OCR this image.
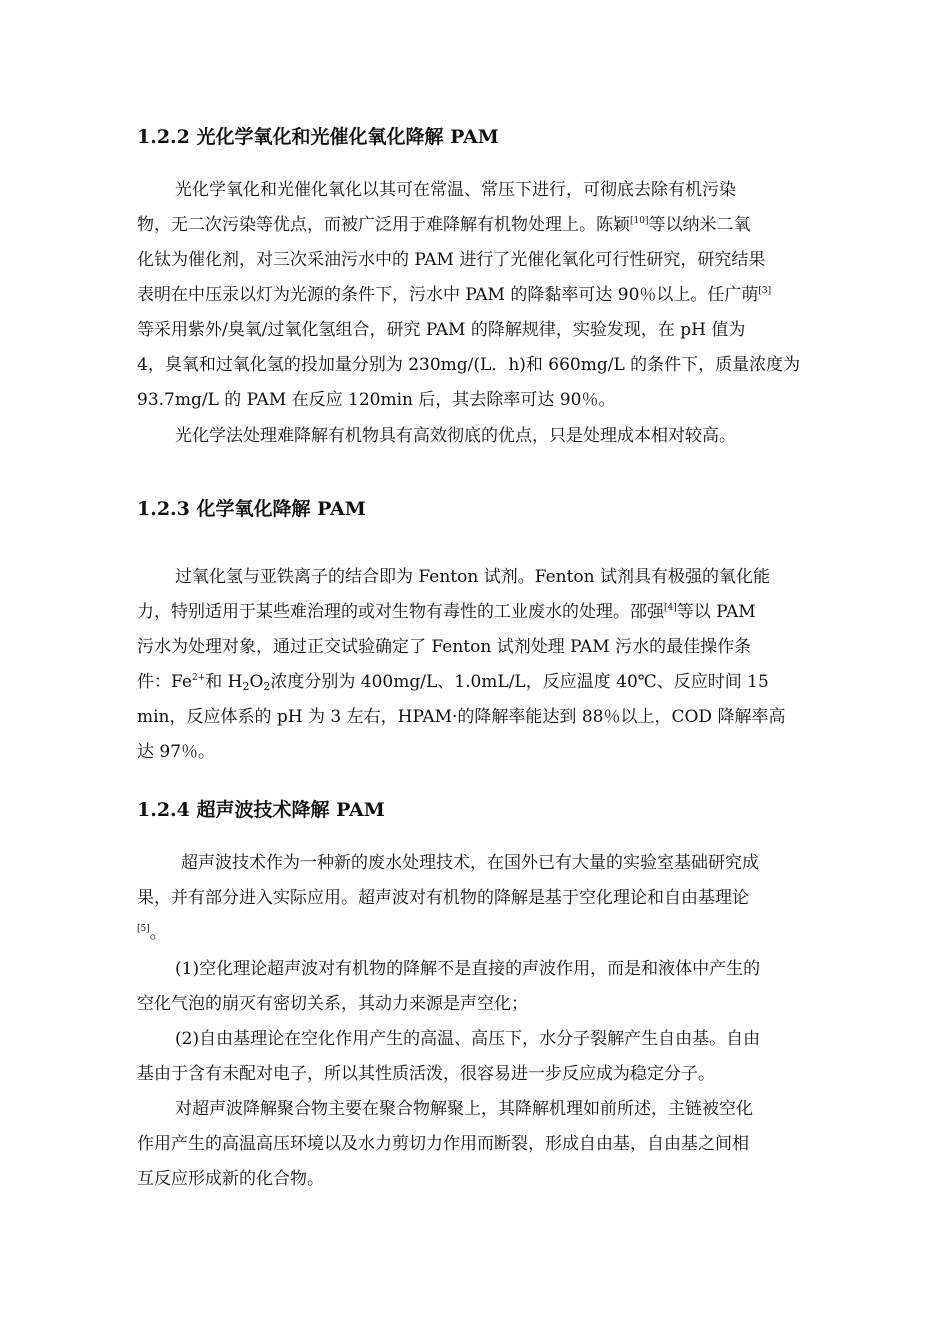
1.2.2 光化学氧化和光催化氧化降解 PAM
光化学氧化和光催化氧化以其可在常温、常压下进行，可彻底去除有机污染
物，无二次污染等优点，而被广泛用于难降解有机物处理上。陈颖[10]等以纳米二氧
化钛为催化剂，对三次采油污水中的 PAM 进行了光催化氧化可行性研究，研究结果
表明在中压汞以灯为光源的条件下，污水中 PAM 的降黏率可达 90％以上。任广萌[3]
等采用紫外/臭氧/过氧化氢组合，研究 PAM 的降解规律，实验发现，在 pH 值为
4，臭氧和过氧化氢的投加量分别为 230mg/(L．h)和 660mg/L 的条件下，质量浓度为
93.7mg/L 的 PAM 在反应 120min 后，其去除率可达 90％。
光化学法处理难降解有机物具有高效彻底的优点，只是处理成本相对较高。
1.2.3 化学氧化降解 PAM
过氧化氢与亚铁离子的结合即为 Fenton 试剂。Fenton 试剂具有极强的氧化能
力，特别适用于某些难治理的或对生物有毒性的工业废水的处理。邵强[4]等以 PAM
污水为处理对象，通过正交试验确定了 Fenton 试剂处理 PAM 污水的最佳操作条
件：$Fe^{2+}$和 $H_2O_2$浓度分别为 400mg/L、1.0mL/L，反应温度 40℃、反应时间 15
min，反应体系的 pH 为 3 左右，HPAM·的降解率能达到 88％以上，COD 降解率高
达 97％。
1.2.4 超声波技术降解 PAM
超声波技术作为一种新的废水处理技术，在国外已有大量的实验室基础研究成
果，并有部分进入实际应用。超声波对有机物的降解是基于空化理论和自由基理论
[5]。
(1)空化理论超声波对有机物的降解不是直接的声波作用，而是和液体中产生的
空化气泡的崩灭有密切关系，其动力来源是声空化；
(2)自由基理论在空化作用产生的高温、高压下，水分子裂解产生自由基。自由
基由于含有未配对电子，所以其性质活泼，很容易进一步反应成为稳定分子。
对超声波降解聚合物主要在聚合物解聚上，其降解机理如前所述，主链被空化
作用产生的高温高压环境以及水力剪切力作用而断裂，形成自由基，自由基之间相
互反应形成新的化合物。
